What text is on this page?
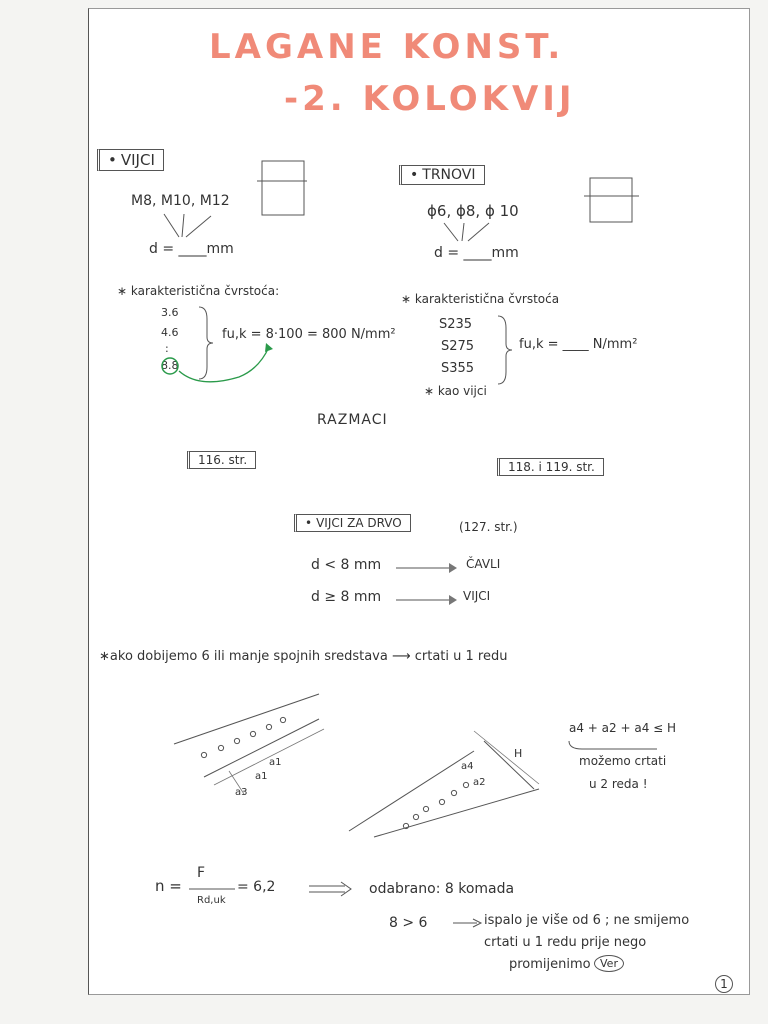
LAGANE KONST.
-2. KOLOKVIJ
• VIJCI
M8, M10, M12
d = ____mm
∗ karakteristična čvrstoća:
3.6
4.6
:
8.8
fu,k = 8·100 = 800 N/mm²
• TRNOVI
ϕ6, ϕ8, ϕ 10
d = ____mm
∗ karakteristična čvrstoća
S235
S275
S355
fu,k = ____ N/mm²
∗ kao vijci
RAZMACI
116. str.	118. i 119. str.
• VIJCI ZA DRVO	(127. str.)
d < 8 mm	ČAVLI
d ≥ 8 mm	VIJCI
∗ako dobijemo 6 ili manje spojnih sredstava ⟶ crtati u 1 redu
a1
a1
a3
H
a4
a2
a4 + a2 + a4 ≤ H
možemo crtati
u 2 reda !
n =
F
Rd,uk
= 6,2	odabrano: 8 komada
8 > 6	ispalo je više od 6 ; ne smijemo
crtati u 1 redu prije nego
promijenimo Ver
1
